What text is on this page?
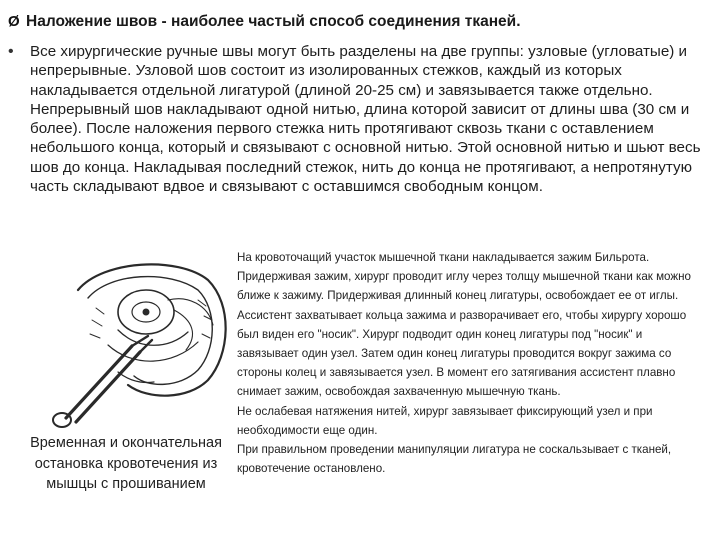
Ø Наложение швов - наиболее частый способ соединения тканей.
•	Все хирургические ручные швы могут быть разделены на две группы: узловые (угловатые) и непрерывные. Узловой шов состоит из изолированных стежков, каждый из которых накладывается отдельной лигатурой (длиной 20-25 см) и завязывается также отдельно. Непрерывный шов накладывают одной нитью, длина которой зависит от длины шва (30 см и более). После наложения первого стежка нить протягивают сквозь ткани с оставлением небольшого конца, который и связывают с основной нитью. Этой основной нитью и шьют весь шов до конца. Накладывая последний стежок, нить до конца не протягивают, а непротянутую часть складывают вдвое и связывают с оставшимся свободным концом.
Временная и окончательная остановка кровотечения из мышцы с прошиванием

На кровоточащий участок мышечной ткани накладывается зажим Бильрота. Придерживая зажим, хирург проводит иглу через толщу мышечной ткани как можно ближе к зажиму. Придерживая длинный конец лигатуры, освобождает ее от иглы. Ассистент захватывает кольца зажима и разворачивает его, чтобы хирургу хорошо был виден его "носик". Хирург подводит один конец лигатуры под "носик" и завязывает один узел. Затем один конец лигатуры проводится вокруг зажима со стороны колец и завязывается узел. В момент его затягивания ассистент плавно снимает зажим, освобождая захваченную мышечную ткань.

Не ослабевая натяжения нитей, хирург завязывает фиксирующий узел и при необходимости еще один.

При правильном проведении манипуляции лигатура не соскальзывает с тканей, кровотечение остановлено.
